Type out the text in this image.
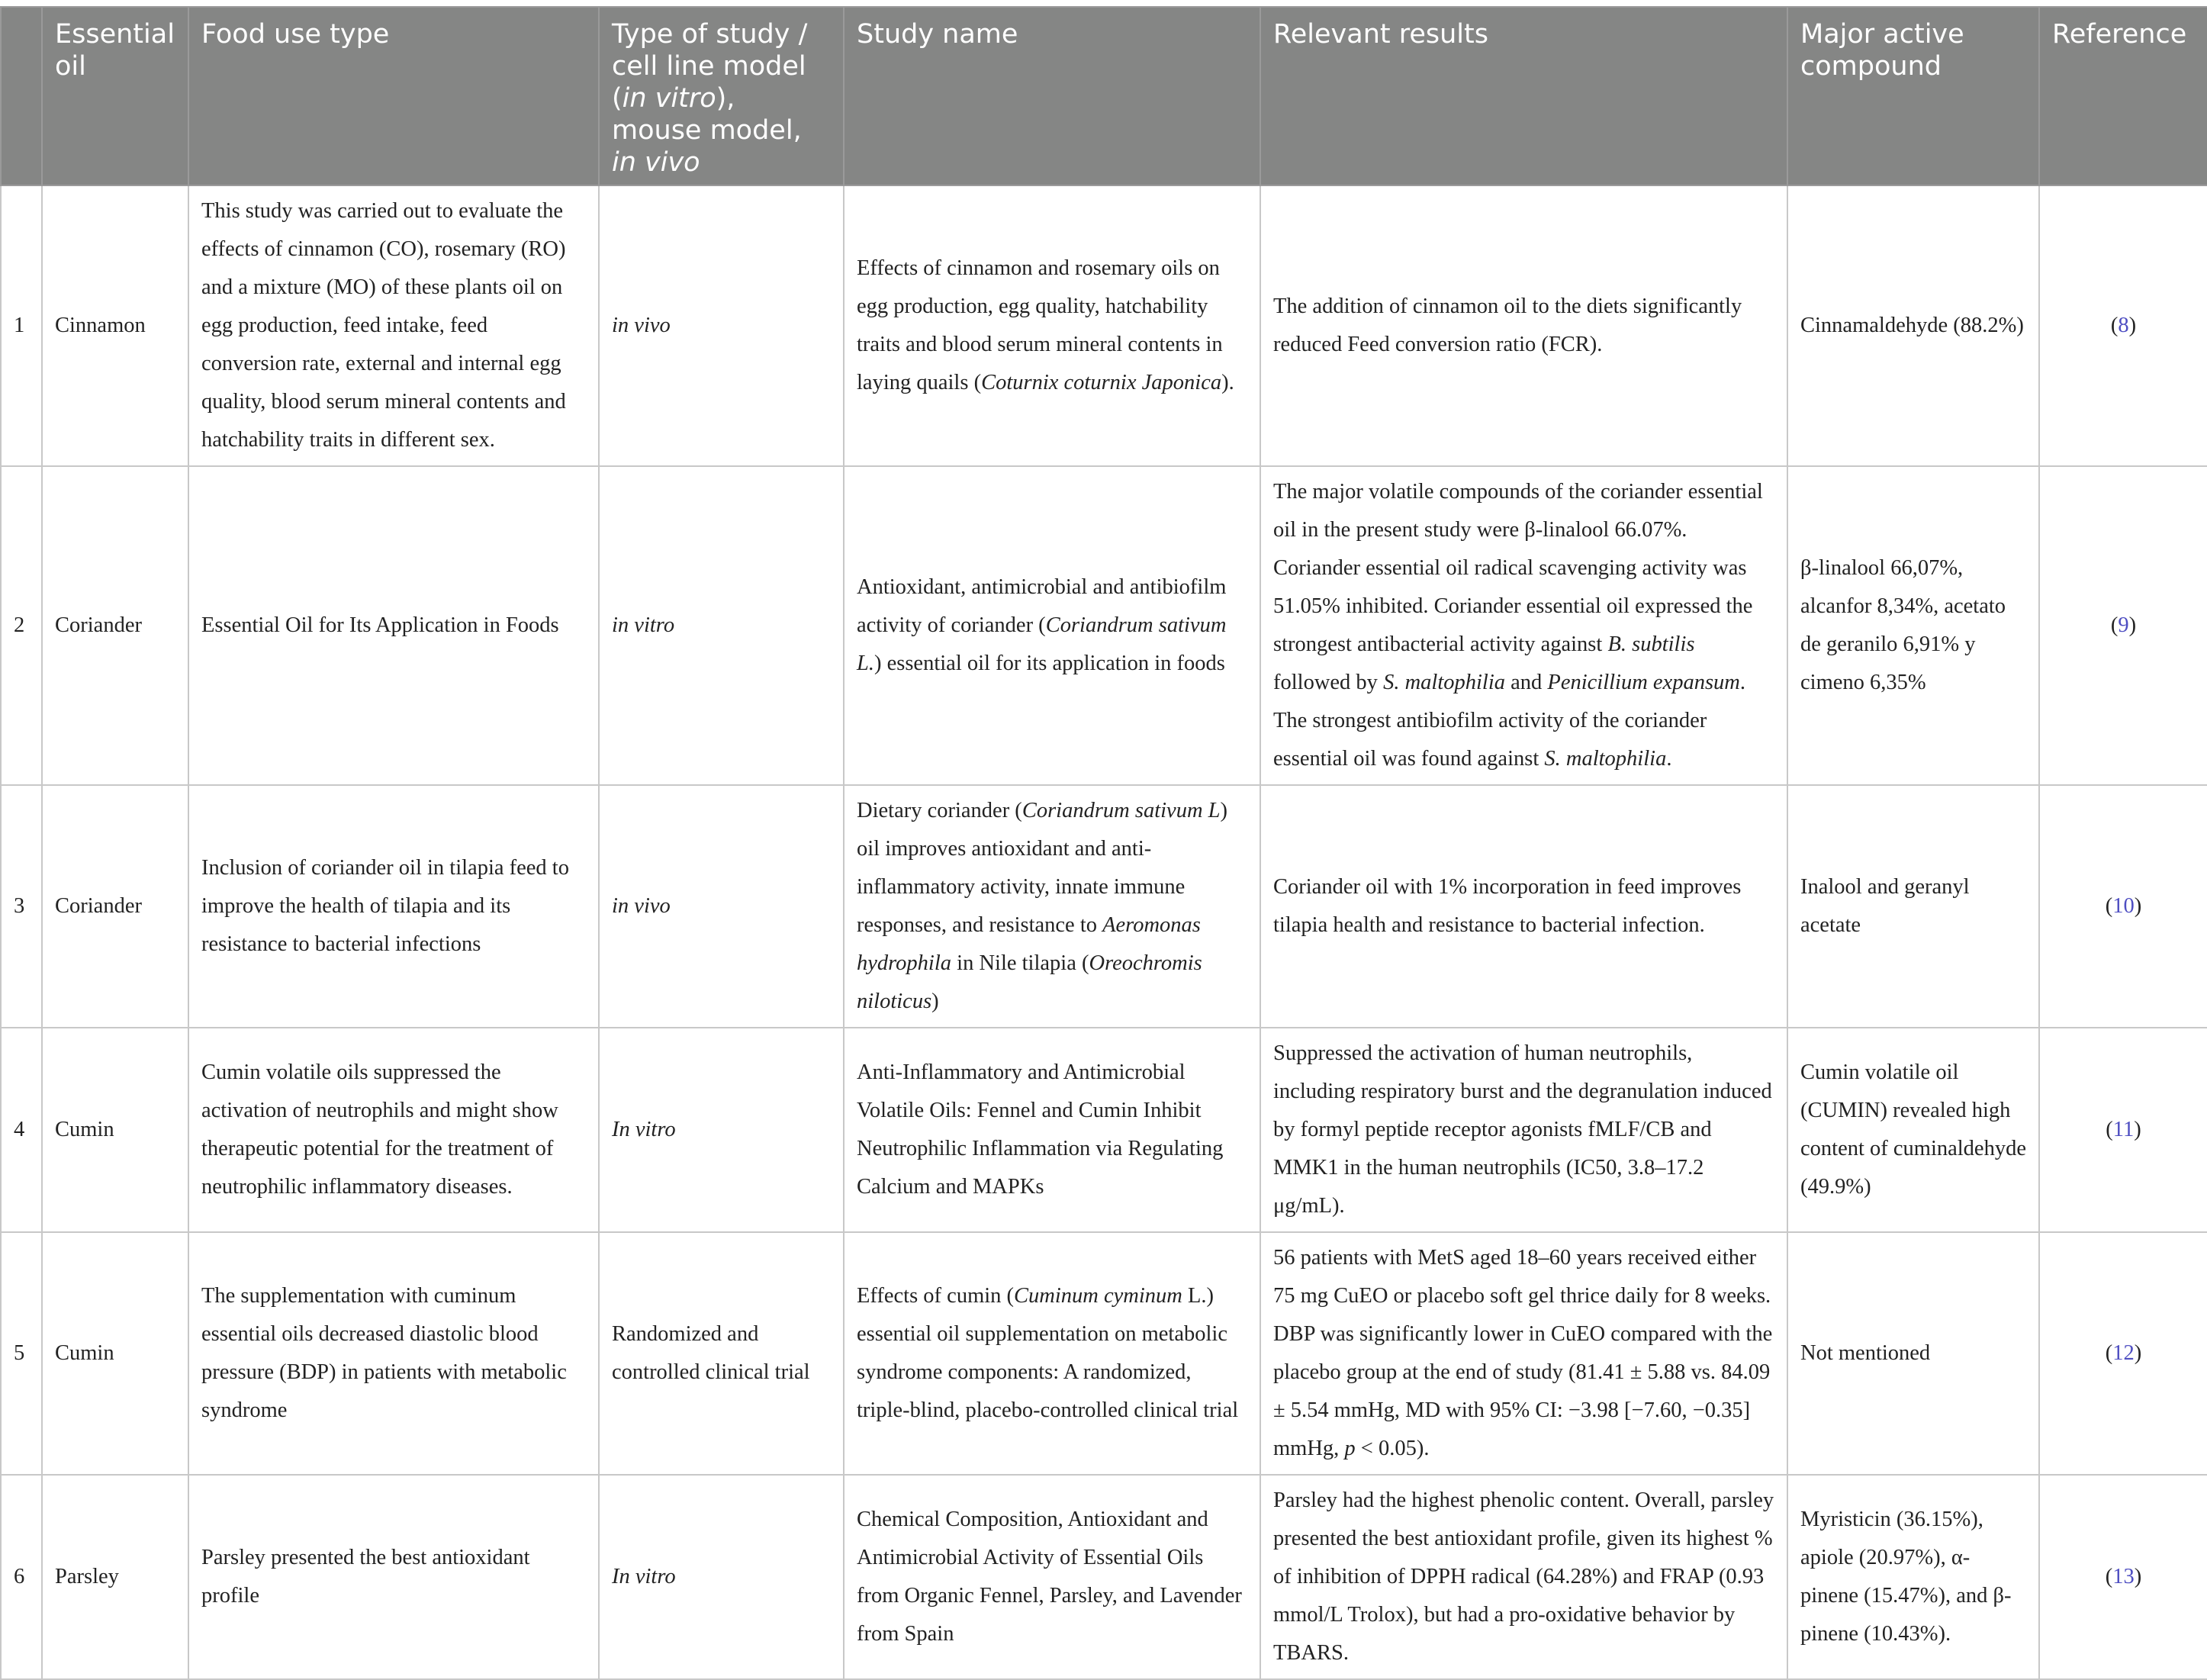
	Essential oil	Food use type	Type of study / cell line model (in vitro), mouse model, in vivo	Study name	Relevant results	Major active compound	Reference
1	Cinnamon	This study was carried out to evaluate the effects of cinnamon (CO), rosemary (RO) and a mixture (MO) of these plants oil on egg production, feed intake, feed conversion rate, external and internal egg quality, blood serum mineral contents and hatchability traits in different sex.	in vivo	Effects of cinnamon and rosemary oils on egg production, egg quality, hatchability traits and blood serum mineral contents in laying quails (Coturnix coturnix Japonica).	The addition of cinnamon oil to the diets significantly reduced Feed conversion ratio (FCR).	Cinnamaldehyde (88.2%)	(8)
2	Coriander	Essential Oil for Its Application in Foods	in vitro	Antioxidant, antimicrobial and antibiofilm activity of coriander (Coriandrum sativum L.) essential oil for its application in foods	The major volatile compounds of the coriander essential oil in the present study were β-linalool 66.07%. Coriander essential oil radical scavenging activity was 51.05% inhibited. Coriander essential oil expressed the strongest antibacterial activity against B. subtilis followed by S. maltophilia and Penicillium expansum. The strongest antibiofilm activity of the coriander essential oil was found against S. maltophilia.	β-linalool 66,07%, alcanfor 8,34%, acetato de geranilo 6,91% y cimeno 6,35%	(9)
3	Coriander	Inclusion of coriander oil in tilapia feed to improve the health of tilapia and its resistance to bacterial infections	in vivo	Dietary coriander (Coriandrum sativum L) oil improves antioxidant and anti-inflammatory activity, innate immune responses, and resistance to Aeromonas hydrophila in Nile tilapia (Oreochromis niloticus)	Coriander oil with 1% incorporation in feed improves tilapia health and resistance to bacterial infection.	Inalool and geranyl acetate	(10)
4	Cumin	Cumin volatile oils suppressed the activation of neutrophils and might show therapeutic potential for the treatment of neutrophilic inflammatory diseases.	In vitro	Anti-Inflammatory and Antimicrobial Volatile Oils: Fennel and Cumin Inhibit Neutrophilic Inflammation via Regulating Calcium and MAPKs	Suppressed the activation of human neutrophils, including respiratory burst and the degranulation induced by formyl peptide receptor agonists fMLF/CB and MMK1 in the human neutrophils (IC50, 3.8–17.2 μg/mL).	Cumin volatile oil (CUMIN) revealed high content of cuminaldehyde (49.9%)	(11)
5	Cumin	The supplementation with cuminum essential oils decreased diastolic blood pressure (BDP) in patients with metabolic syndrome	Randomized and controlled clinical trial	Effects of cumin (Cuminum cyminum L.) essential oil supplementation on metabolic syndrome components: A randomized, triple-blind, placebo-controlled clinical trial	56 patients with MetS aged 18–60 years received either 75 mg CuEO or placebo soft gel thrice daily for 8 weeks. DBP was significantly lower in CuEO compared with the placebo group at the end of study (81.41 ± 5.88 vs. 84.09 ± 5.54 mmHg, MD with 95% CI: −3.98 [−7.60, −0.35] mmHg, p < 0.05).	Not mentioned	(12)
6	Parsley	Parsley presented the best antioxidant profile	In vitro	Chemical Composition, Antioxidant and Antimicrobial Activity of Essential Oils from Organic Fennel, Parsley, and Lavender from Spain	Parsley had the highest phenolic content. Overall, parsley presented the best antioxidant profile, given its highest % of inhibition of DPPH radical (64.28%) and FRAP (0.93 mmol/L Trolox), but had a pro-oxidative behavior by TBARS.	Myristicin (36.15%), apiole (20.97%), α-pinene (15.47%), and β-pinene (10.43%).	(13)
